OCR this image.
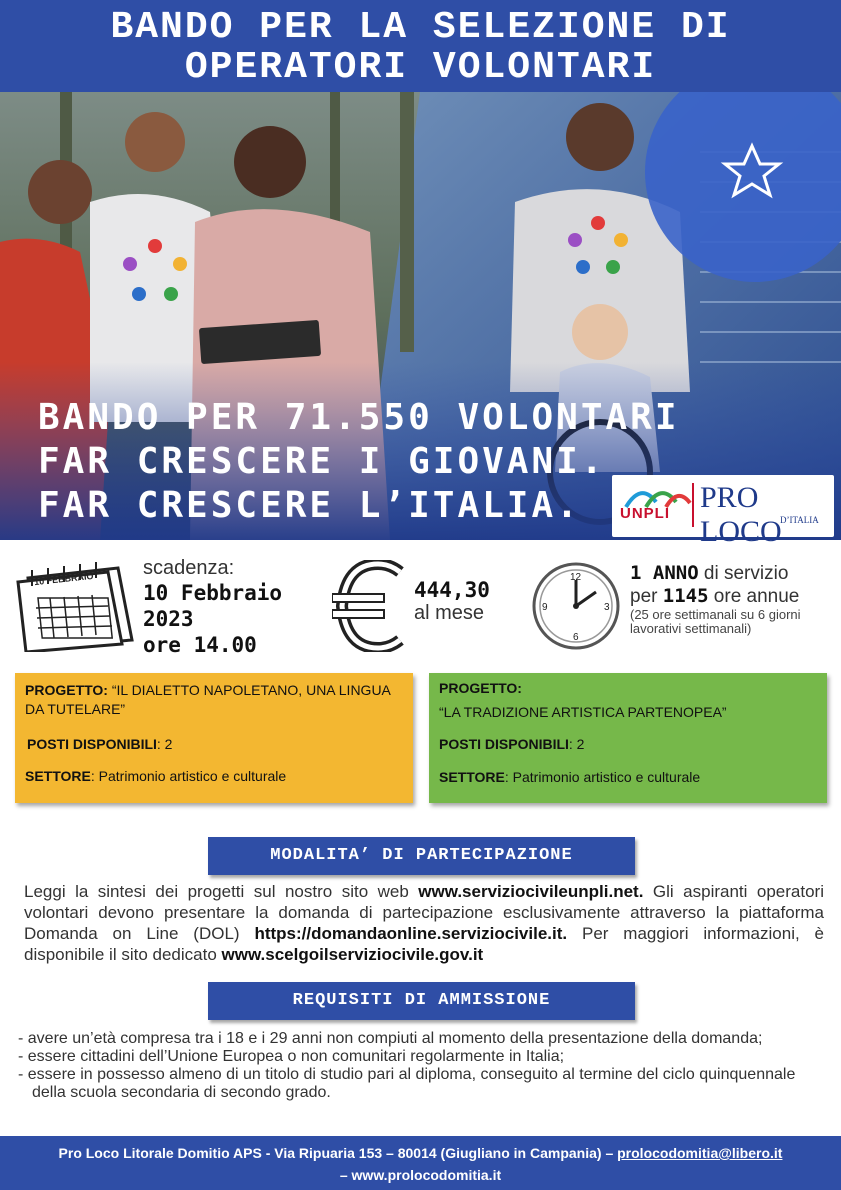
BANDO PER LA SELEZIONE DI
OPERATORI VOLONTARI
BANDO PER 71.550 VOLONTARI
FAR CRESCERE I GIOVANI.
FAR CRESCERE L’ITALIA.	UNPLI PRO LOCO
D’ITALIA
10 FEBBRAIO scadenza:
10 Febbraio
2023
ore 14.00
444,30
al mese
12
3
6
9
1 ANNO di servizio
per 1145 ore annue
(25 ore settimanali su 6 giorni lavorativi settimanali)

PROGETTO: “IL DIALETTO NAPOLETANO, UNA LINGUA DA TUTELARE”

POSTI DISPONIBILI: 2

SETTORE: Patrimonio artistico e culturale

PROGETTO:

“LA TRADIZIONE ARTISTICA PARTENOPEA”

POSTI DISPONIBILI: 2

SETTORE: Patrimonio artistico e culturale

MODALITA’ DI PARTECIPAZIONE
Leggi la sintesi dei progetti sul nostro sito web www.serviziocivileunpli.net. Gli aspiranti operatori volontari devono presentare la domanda di partecipazione esclusivamente attraverso la piattaforma Domanda on Line (DOL) https://domandaonline.serviziocivile.it. Per maggiori informazioni, è disponibile il sito dedicato www.scelgoilserviziocivile.gov.it
REQUISITI DI AMMISSIONE
- avere un’età compresa tra i 18 e i 29 anni non compiuti al momento della presentazione della domanda;
- essere cittadini dell’Unione Europea o non comunitari regolarmente in Italia;
- essere in possesso almeno di un titolo di studio pari al diploma, conseguito al termine del ciclo quinquennale della scuola secondaria di secondo grado.
Pro Loco Litorale Domitio APS - Via Ripuaria 153 – 80014 (Giugliano in Campania) – prolocodomitia@libero.it
– www.prolocodomitia.it
